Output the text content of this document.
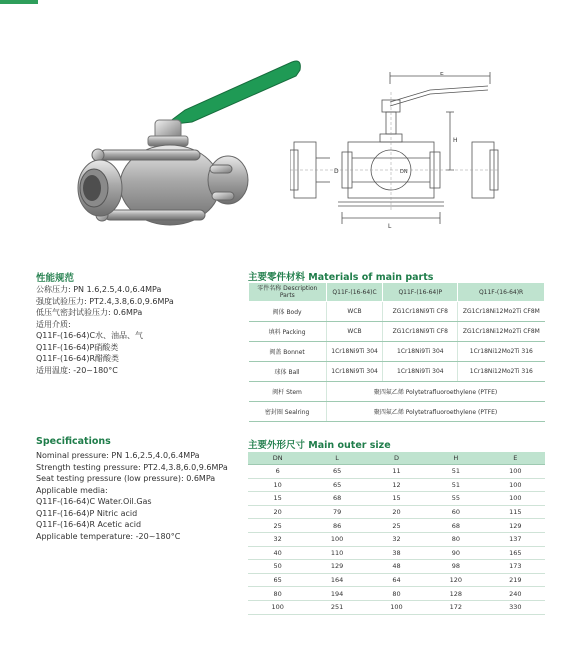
双蜂阀门
E
H
D
L
DN
性能规范
公称压力: PN 1.6,2.5,4.0,6.4MPa
强度试验压力: PT2.4,3.8,6.0,9.6MPa
低压气密封试验压力: 0.6MPa
适用介质:
Q11F-(16-64)C水、油品、气
Q11F-(16-64)P硝酸类
Q11F-(16-64)R醋酸类
适用温度: -20~180°C
Specifications
Nominal pressure: PN 1.6,2.5,4.0,6.4MPa
Strength testing pressure: PT2.4,3.8,6.0,9.6MPa
Seat testing pressure (low pressure): 0.6MPa
Applicable media:
Q11F-(16-64)C Water.Oil.Gas
Q11F-(16-64)P Nitric acid
Q11F-(16-64)R Acetic acid
Applicable temperature: -20~180°C
主要零件材料 Materials of main parts
零件名称 Description Parts	Q11F-(16-64)C	Q11F-(16-64)P	Q11F-(16-64)R
阀体 Body	WCB	ZG1Cr18Ni9Ti CF8	ZG1Cr18Ni12Mo2Ti CF8M
填料 Packing	WCB	ZG1Cr18Ni9Ti CF8	ZG1Cr18Ni12Mo2Ti CF8M
阀盖 Bonnet	1Cr18Ni9Ti 304	1Cr18Ni9Ti 304	1Cr18Ni12Mo2Ti 316
球体 Ball	1Cr18Ni9Ti 304	1Cr18Ni9Ti 304	1Cr18Ni12Mo2Ti 316
阀杆 Stem	聚四氟乙烯 Polytetrafluoroethylene (PTFE)		
密封圈 Sealring	聚四氟乙烯 Polytetrafluoroethylene (PTFE)		
主要外形尺寸 Main outer size
DN	L	D	H	E
6	65	11	51	100
10	65	12	51	100
15	68	15	55	100
20	79	20	60	115
25	86	25	68	129
32	100	32	80	137
40	110	38	90	165
50	129	48	98	173
65	164	64	120	219
80	194	80	128	240
100	251	100	172	330
